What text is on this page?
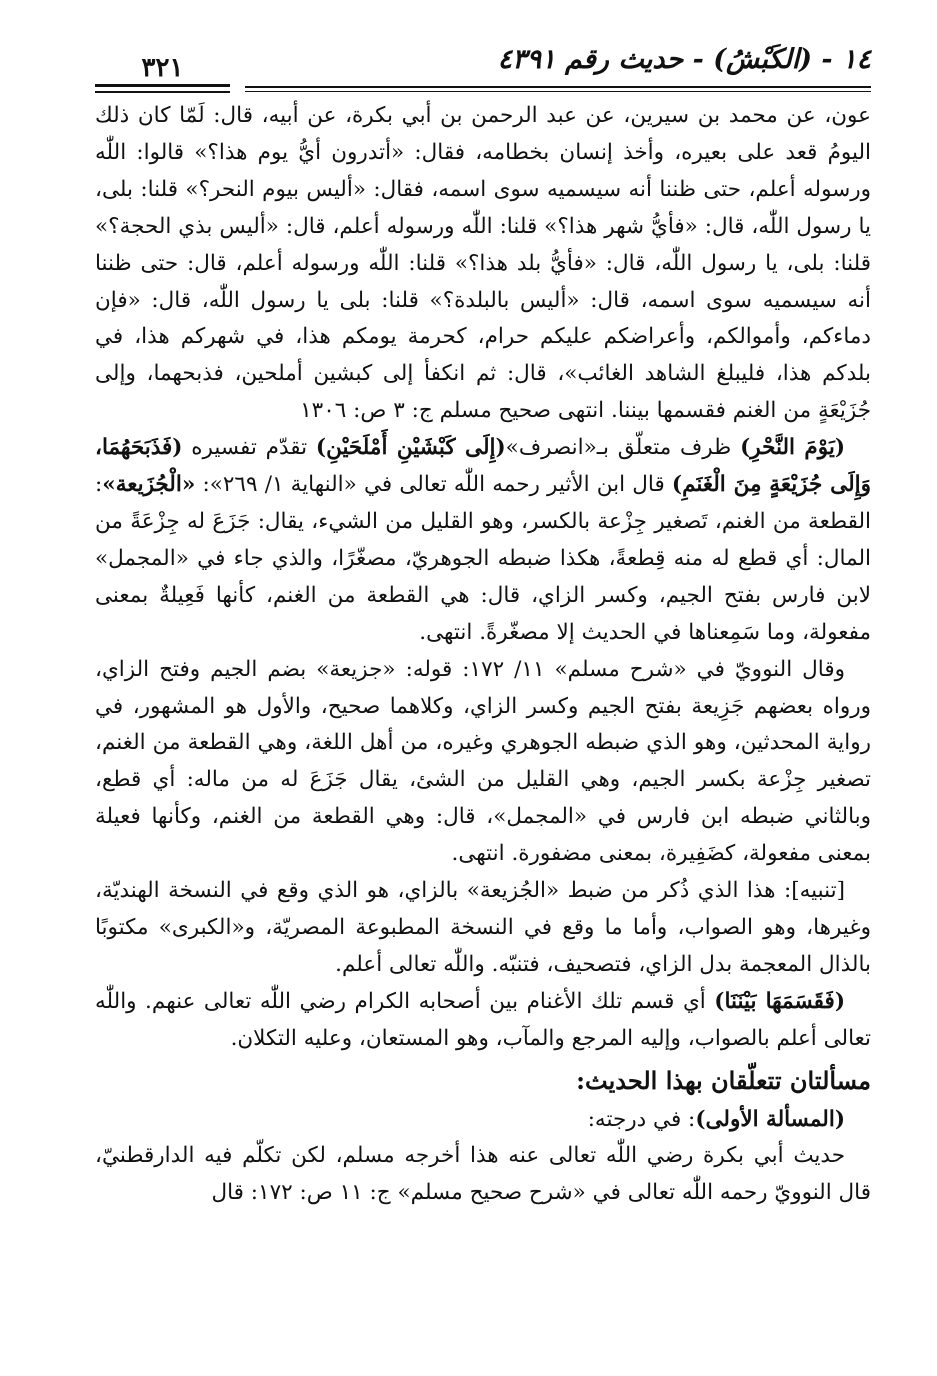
١٤ - (الكَبْشُ) - حديث رقم ٤٣٩١
٣٢١

عون، عن محمد بن سيرين، عن عبد الرحمن بن أبي بكرة، عن أبيه، قال: لَمّا كان ذلك اليومُ قعد على بعيره، وأخذ إنسان بخطامه، فقال: «أتدرون أيُّ يوم هذا؟» قالوا: اللّٰه ورسوله أعلم، حتى ظننا أنه سيسميه سوى اسمه، فقال: «أليس بيوم النحر؟» قلنا: بلى، يا رسول اللّٰه، قال: «فأيُّ شهر هذا؟» قلنا: اللّٰه ورسوله أعلم، قال: «أليس بذي الحجة؟» قلنا: بلى، يا رسول اللّٰه، قال: «فأيُّ بلد هذا؟» قلنا: اللّٰه ورسوله أعلم، قال: حتى ظننا أنه سيسميه سوى اسمه، قال: «أليس بالبلدة؟» قلنا: بلى يا رسول اللّٰه، قال: «فإن دماءكم، وأموالكم، وأعراضكم عليكم حرام، كحرمة يومكم هذا، في شهركم هذا، في بلدكم هذا، فليبلغ الشاهد الغائب»، قال: ثم انكفأ إلى كبشين أملحين، فذبحهما، وإلى جُزَيْعَةٍ من الغنم فقسمها بيننا. انتهى صحيح مسلم ج: ٣ ص: ١٣٠٦

(يَوْمَ النَّحْرِ) ظرف متعلّق بـ«انصرف»(إِلَى كَبْشَيْنِ أَمْلَحَيْنِ) تقدّم تفسيره (فَذَبَحَهُمَا، وَإِلَى جُزَيْعَةٍ مِنَ الْغَنَمِ) قال ابن الأثير رحمه اللّٰه تعالى في «النهاية ١/ ٢٦٩»: «الْجُزَيعة»: القطعة من الغنم، تَصغير جِزْعة بالكسر، وهو القليل من الشيء، يقال: جَزَعَ له جِزْعَةً من المال: أي قطع له منه قِطعةً، هكذا ضبطه الجوهريّ، مصغّرًا، والذي جاء في «المجمل» لابن فارس بفتح الجيم، وكسر الزاي، قال: هي القطعة من الغنم، كأنها فَعِيلةٌ بمعنى مفعولة، وما سَمِعناها في الحديث إلا مصغّرةً. انتهى.

وقال النوويّ في «شرح مسلم» ١١/ ١٧٢: قوله: «جزيعة» بضم الجيم وفتح الزاي، ورواه بعضهم جَزِيعة بفتح الجيم وكسر الزاي، وكلاهما صحيح، والأول هو المشهور، في رواية المحدثين، وهو الذي ضبطه الجوهري وغيره، من أهل اللغة، وهي القطعة من الغنم، تصغير جِزْعة بكسر الجيم، وهي القليل من الشئ، يقال جَزَعَ له من ماله: أي قطع، وبالثاني ضبطه ابن فارس في «المجمل»، قال: وهي القطعة من الغنم، وكأنها فعيلة بمعنى مفعولة، كضَفِيرة، بمعنى مضفورة. انتهى.

[تنبيه]: هذا الذي ذُكر من ضبط «الجُزيعة» بالزاي، هو الذي وقع في النسخة الهنديّة، وغيرها، وهو الصواب، وأما ما وقع في النسخة المطبوعة المصريّة، و«الكبرى» مكتوبًا بالذال المعجمة بدل الزاي، فتصحيف، فتنبّه. واللّٰه تعالى أعلم.

(فَقَسَمَهَا بَيْنَنَا) أي قسم تلك الأغنام بين أصحابه الكرام رضي اللّٰه تعالى عنهم. واللّٰه تعالى أعلم بالصواب، وإليه المرجع والمآب، وهو المستعان، وعليه التكلان.

مسألتان تتعلّقان بهذا الحديث:

(المسألة الأولى): في درجته:

حديث أبي بكرة رضي اللّٰه تعالى عنه هذا أخرجه مسلم، لكن تكلّم فيه الدارقطنيّ، قال النوويّ رحمه اللّٰه تعالى في «شرح صحيح مسلم» ج: ١١ ص: ١٧٢: قال
